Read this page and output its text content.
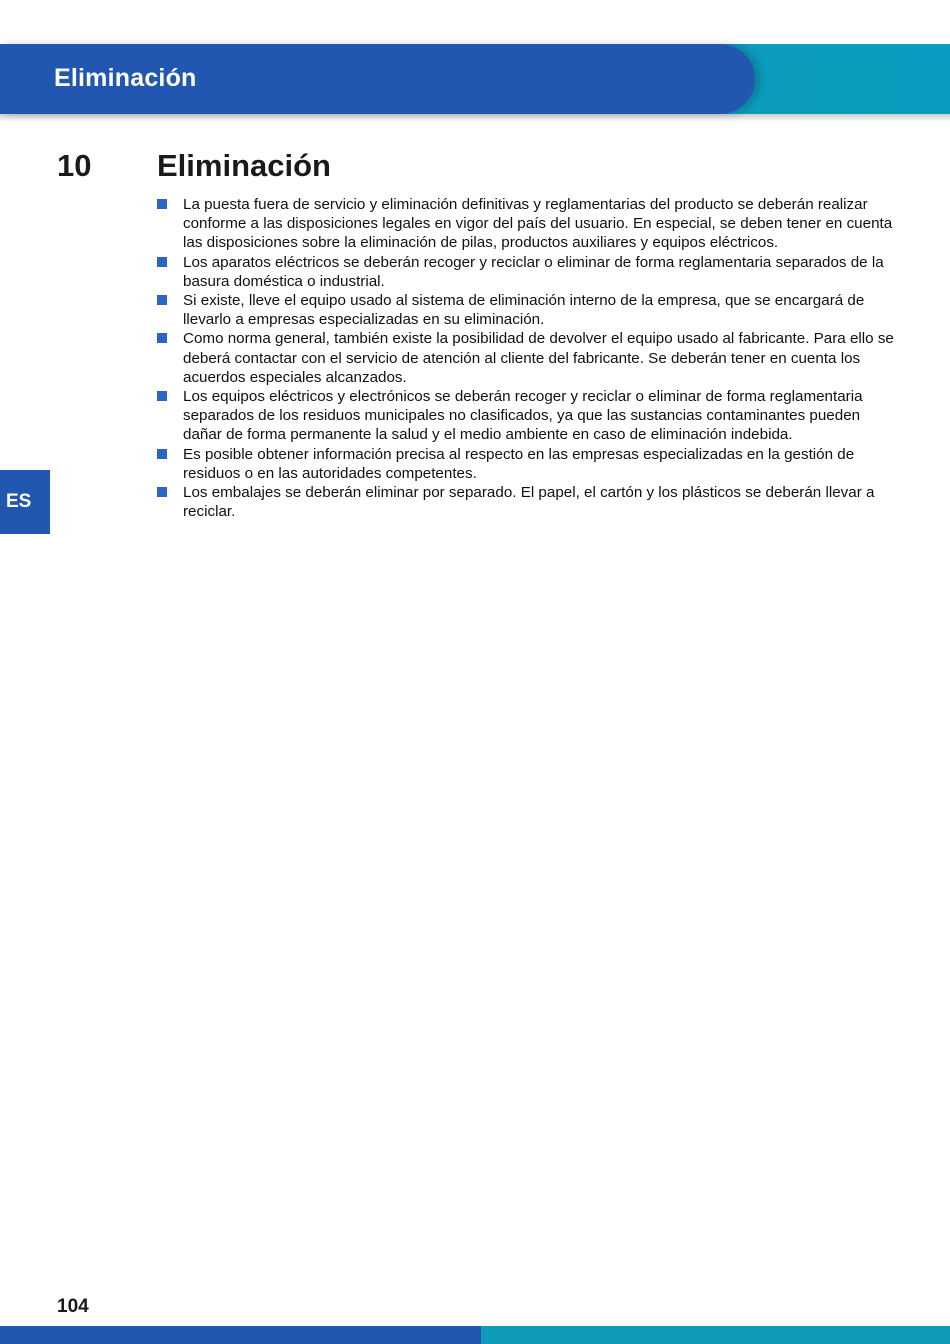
Eliminación
10 Eliminación
La puesta fuera de servicio y eliminación definitivas y reglamentarias del producto se deberán realizar conforme a las disposiciones legales en vigor del país del usuario. En especial, se deben tener en cuenta las disposiciones sobre la eliminación de pilas, productos auxiliares y equipos eléctricos.
Los aparatos eléctricos se deberán recoger y reciclar o eliminar de forma reglamentaria separados de la basura doméstica o industrial.
Si existe, lleve el equipo usado al sistema de eliminación interno de la empresa, que se encargará de llevarlo a empresas especializadas en su eliminación.
Como norma general, también existe la posibilidad de devolver el equipo usado al fabricante. Para ello se deberá contactar con el servicio de atención al cliente del fabricante. Se deberán tener en cuenta los acuerdos especiales alcanzados.
Los equipos eléctricos y electrónicos se deberán recoger y reciclar o eliminar de forma reglamentaria separados de los residuos municipales no clasificados, ya que las sustancias contaminantes pueden dañar de forma permanente la salud y el medio ambiente en caso de eliminación indebida.
Es posible obtener información precisa al respecto en las empresas especializadas en la gestión de residuos o en las autoridades competentes.
Los embalajes se deberán eliminar por separado. El papel, el cartón y los plásticos se deberán llevar a reciclar.
ES
104
